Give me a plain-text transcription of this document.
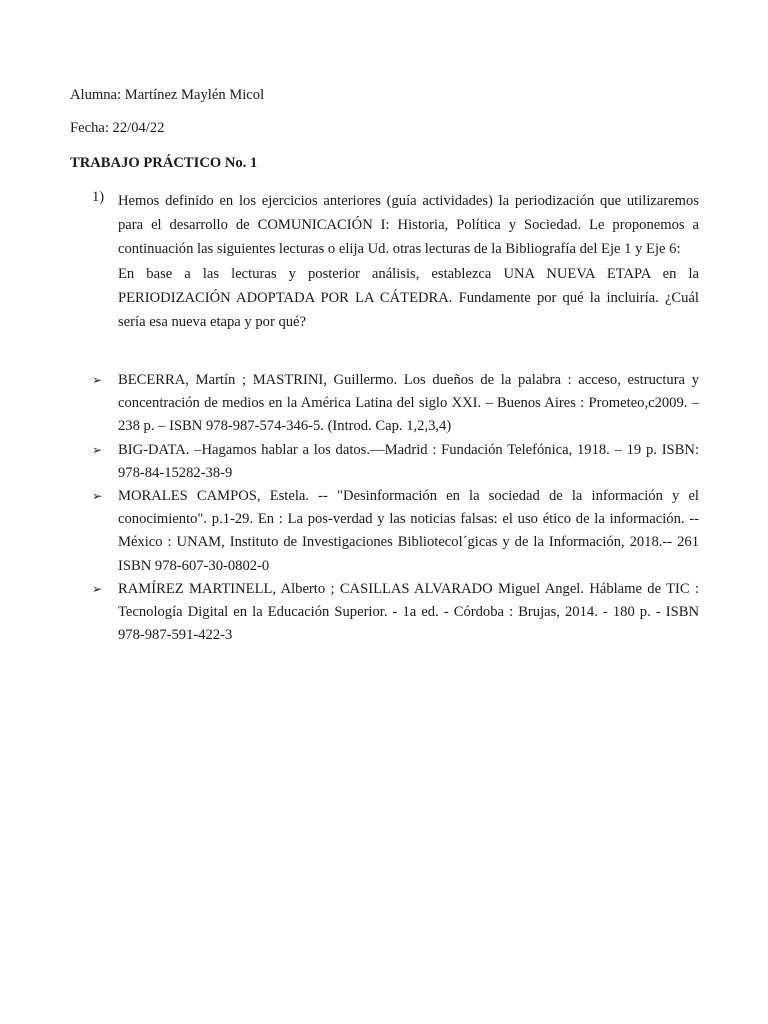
Alumna: Martínez Maylén Micol
Fecha: 22/04/22
TRABAJO PRÁCTICO No. 1
1) Hemos definido en los ejercicios anteriores (guía actividades) la periodización que utilizaremos para el desarrollo de COMUNICACIÓN I: Historia, Política y Sociedad. Le proponemos a continuación las siguientes lecturas o elija Ud. otras lecturas de la Bibliografía del Eje 1 y Eje 6:

En base a las lecturas y posterior análisis, establezca UNA NUEVA ETAPA en la PERIODIZACIÓN ADOPTADA POR LA CÁTEDRA. Fundamente por qué la incluiría. ¿Cuál sería esa nueva etapa y por qué?

➢ BECERRA, Martín ; MASTRINI, Guillermo. Los dueños de la palabra : acceso, estructura y concentración de medios en la América Latina del siglo XXI. – Buenos Aires : Prometeo,c2009. – 238 p. – ISBN 978-987-574-346-5. (Introd. Cap. 1,2,3,4)
➢ BIG-DATA. –Hagamos hablar a los datos.—Madrid : Fundación Telefónica, 1918. – 19 p. ISBN: 978-84-15282-38-9
➢ MORALES CAMPOS, Estela. -- "Desinformación en la sociedad de la información y el conocimiento". p.1-29. En : La pos-verdad y las noticias falsas: el uso ético de la información. --México : UNAM, Instituto de Investigaciones Bibliotecol´gicas y de la Información, 2018.-- 261 ISBN 978-607-30-0802-0
➢ RAMÍREZ MARTINELL, Alberto ; CASILLAS ALVARADO Miguel Angel. Háblame de TIC : Tecnología Digital en la Educación Superior. - 1a ed. - Córdoba : Brujas, 2014. - 180 p. - ISBN 978-987-591-422-3
